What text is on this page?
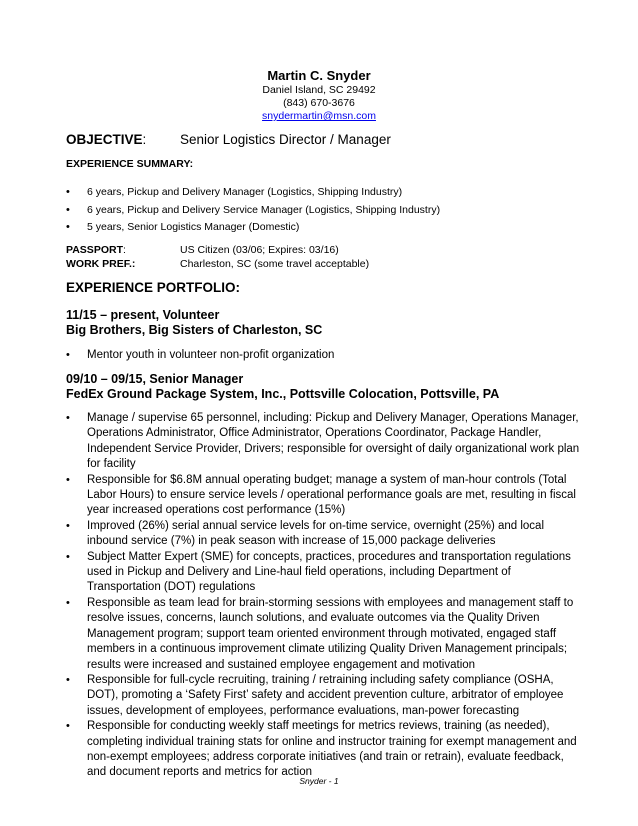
Martin C. Snyder
Daniel Island, SC 29492
(843) 670-3676
snydermartin@msn.com
OBJECTIVE: Senior Logistics Director / Manager
EXPERIENCE SUMMARY:
• 6 years, Pickup and Delivery Manager (Logistics, Shipping Industry)
• 6 years, Pickup and Delivery Service Manager (Logistics, Shipping Industry)
• 5 years, Senior Logistics Manager (Domestic)
PASSPORT:	US Citizen (03/06; Expires: 03/16)
WORK PREF.:	Charleston, SC (some travel acceptable)
EXPERIENCE PORTFOLIO:
11/15 – present, Volunteer
Big Brothers, Big Sisters of Charleston, SC
• Mentor youth in volunteer non-profit organization
09/10 – 09/15, Senior Manager
FedEx Ground Package System, Inc., Pottsville Colocation, Pottsville, PA
• Manage / supervise 65 personnel, including: Pickup and Delivery Manager, Operations Manager, Operations Administrator, Office Administrator, Operations Coordinator, Package Handler, Independent Service Provider, Drivers; responsible for oversight of daily organizational work plan for facility
• Responsible for $6.8M annual operating budget; manage a system of man-hour controls (Total Labor Hours) to ensure service levels / operational performance goals are met, resulting in fiscal year increased operations cost performance (15%)
• Improved (26%) serial annual service levels for on-time service, overnight (25%) and local inbound service (7%) in peak season with increase of 15,000 package deliveries
• Subject Matter Expert (SME) for concepts, practices, procedures and transportation regulations used in Pickup and Delivery and Line-haul field operations, including Department of Transportation (DOT) regulations
• Responsible as team lead for brain-storming sessions with employees and management staff to resolve issues, concerns, launch solutions, and evaluate outcomes via the Quality Driven Management program; support team oriented environment through motivated, engaged staff members in a continuous improvement climate utilizing Quality Driven Management principals; results were increased and sustained employee engagement and motivation
• Responsible for full-cycle recruiting, training / retraining including safety compliance (OSHA, DOT), promoting a ‘Safety First’ safety and accident prevention culture, arbitrator of employee issues, development of employees, performance evaluations, man-power forecasting
• Responsible for conducting weekly staff meetings for metrics reviews, training (as needed), completing individual training stats for online and instructor training for exempt management and non-exempt employees; address corporate initiatives (and train or retrain), evaluate feedback, and document reports and metrics for action
Snyder - 1
